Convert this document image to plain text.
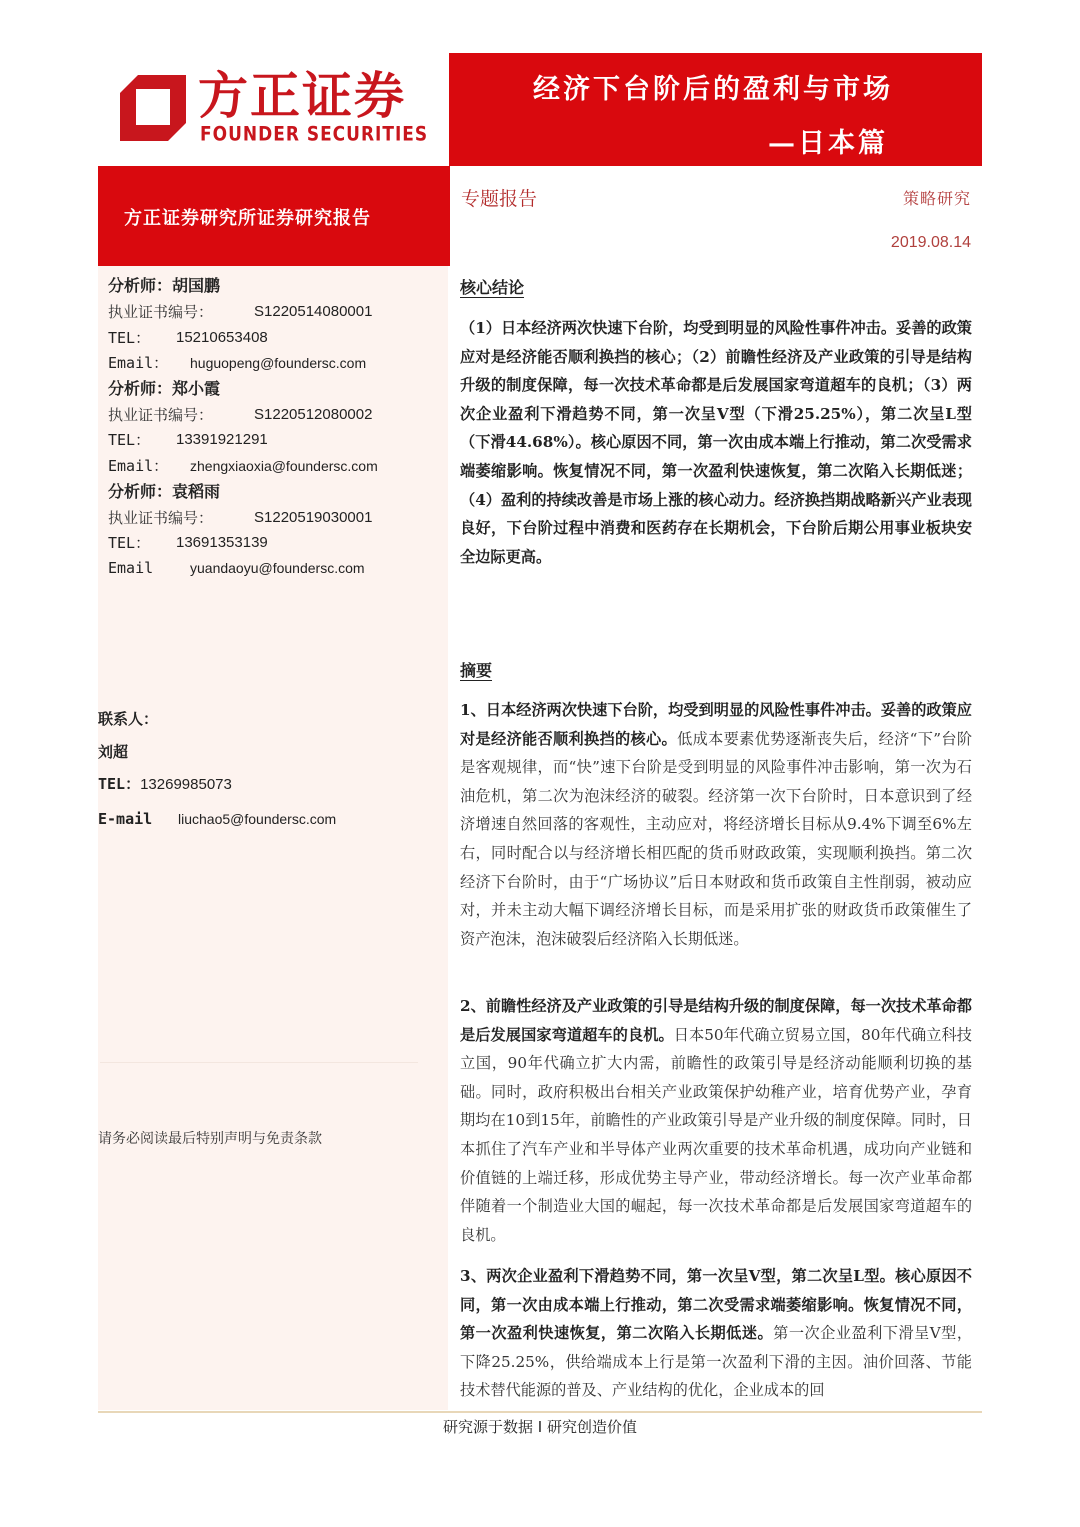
方正证券
FOUNDER SECURITIES
经济下台阶后的盈利与市场
—日本篇
方正证券研究所证券研究报告
专题报告	策略研究
2019.08.14
分析师：胡国鹏
执业证书编号：	S1220514080001
TEL： 15210653408
Email： huguopeng@foundersc.com
分析师：郑小霞
执业证书编号：	S1220512080002
TEL： 13391921291
Email： zhengxiaoxia@foundersc.com
分析师：袁稻雨
执业证书编号：	S1220519030001
TEL： 13691353139
Email	yuandaoyu@foundersc.com
联系人：
刘超
TEL：13269985073
E-mail liuchao5@foundersc.com
请务必阅读最后特别声明与免责条款
核心结论
（1）日本经济两次快速下台阶，均受到明显的风险性事件冲击。妥善的政策应对是经济能否顺利换挡的核心；（2）前瞻性经济及产业政策的引导是结构升级的制度保障，每一次技术革命都是后发展国家弯道超车的良机；（3）两次企业盈利下滑趋势不同，第一次呈V型（下滑25.25%），第二次呈L型（下滑44.68%）。核心原因不同，第一次由成本端上行推动，第二次受需求端萎缩影响。恢复情况不同，第一次盈利快速恢复，第二次陷入长期低迷；（4）盈利的持续改善是市场上涨的核心动力。经济换挡期战略新兴产业表现良好，下台阶过程中消费和医药存在长期机会，下台阶后期公用事业板块安全边际更高。
摘要
1、日本经济两次快速下台阶，均受到明显的风险性事件冲击。妥善的政策应对是经济能否顺利换挡的核心。低成本要素优势逐渐丧失后，经济“下”台阶是客观规律，而“快”速下台阶是受到明显的风险事件冲击影响，第一次为石油危机，第二次为泡沫经济的破裂。经济第一次下台阶时，日本意识到了经济增速自然回落的客观性，主动应对，将经济增长目标从9.4%下调至6%左右，同时配合以与经济增长相匹配的货币财政政策，实现顺利换挡。第二次经济下台阶时，由于“广场协议”后日本财政和货币政策自主性削弱，被动应对，并未主动大幅下调经济增长目标，而是采用扩张的财政货币政策催生了资产泡沫，泡沫破裂后经济陷入长期低迷。
2、前瞻性经济及产业政策的引导是结构升级的制度保障，每一次技术革命都是后发展国家弯道超车的良机。日本50年代确立贸易立国，80年代确立科技立国，90年代确立扩大内需，前瞻性的政策引导是经济动能顺利切换的基础。同时，政府积极出台相关产业政策保护幼稚产业，培育优势产业，孕育期均在10到15年，前瞻性的产业政策引导是产业升级的制度保障。同时，日本抓住了汽车产业和半导体产业两次重要的技术革命机遇，成功向产业链和价值链的上端迁移，形成优势主导产业，带动经济增长。每一次产业革命都伴随着一个制造业大国的崛起，每一次技术革命都是后发展国家弯道超车的良机。
3、两次企业盈利下滑趋势不同，第一次呈V型，第二次呈L型。核心原因不同，第一次由成本端上行推动，第二次受需求端萎缩影响。恢复情况不同，第一次盈利快速恢复，第二次陷入长期低迷。第一次企业盈利下滑呈V型，下降25.25%，供给端成本上行是第一次盈利下滑的主因。油价回落、节能技术替代能源的普及、产业结构的优化，企业成本的回
研究源于数据 I 研究创造价值
